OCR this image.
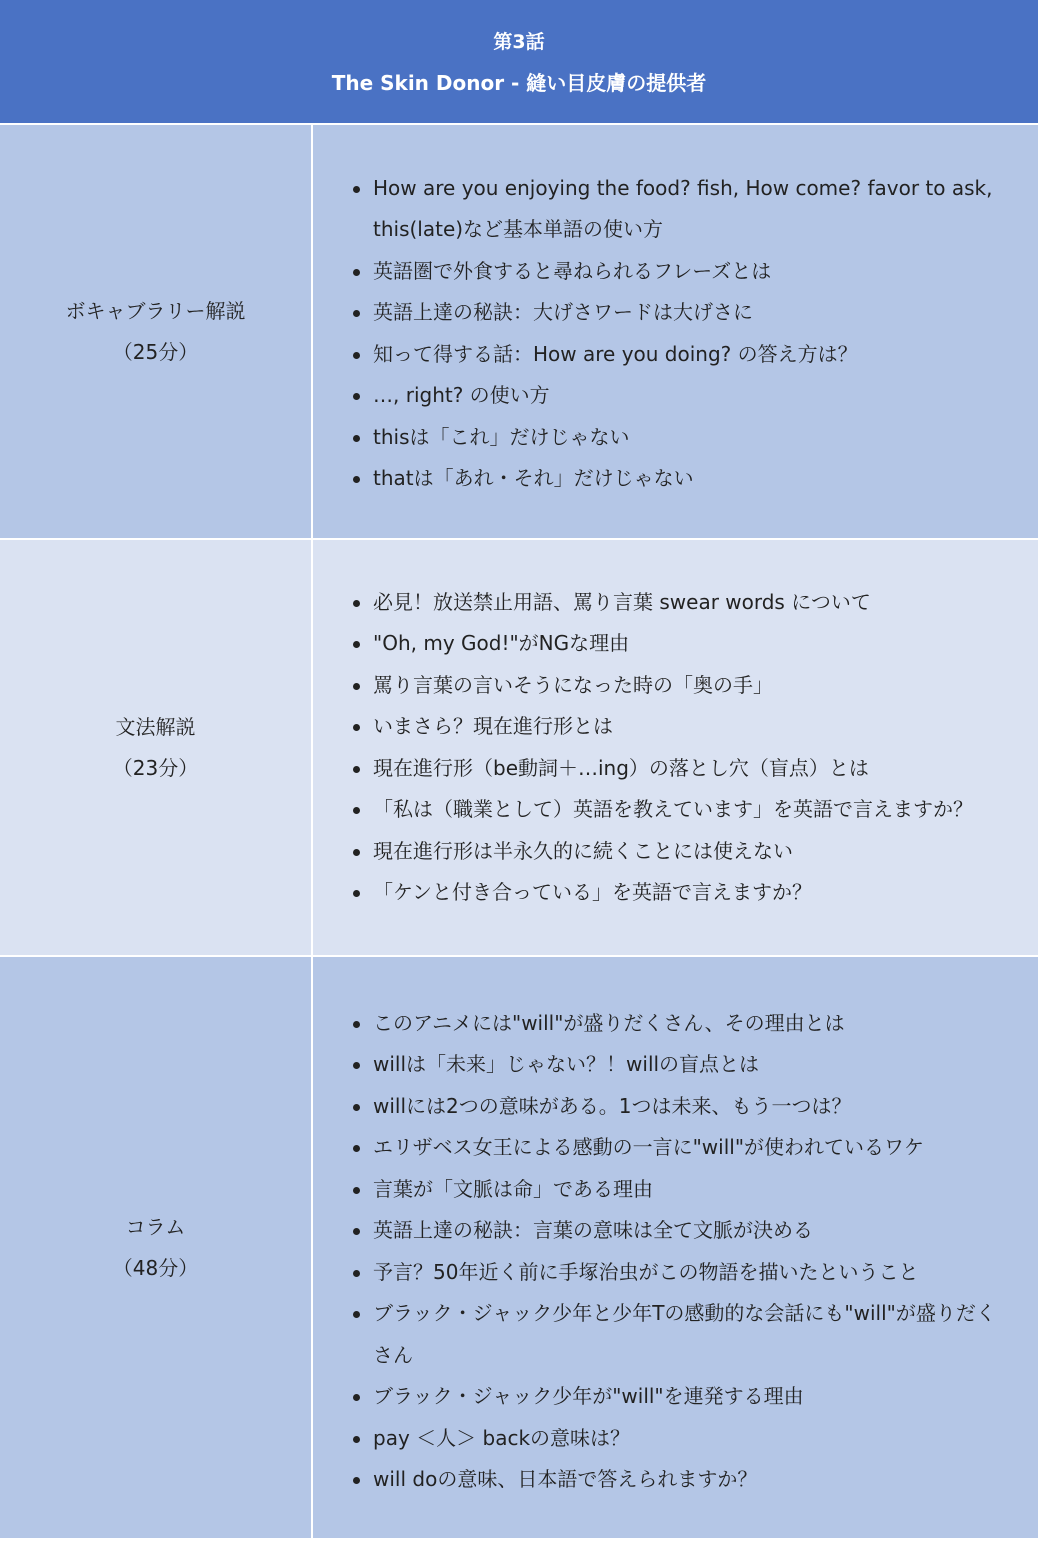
第3話
The Skin Donor - 縫い目皮膚の提供者
ボキャブラリー解説
（25分）
How are you enjoying the food? fish, How come? favor to ask, this(late)など基本単語の使い方
英語圏で外食すると尋ねられるフレーズとは
英語上達の秘訣：大げさワードは大げさに
知って得する話：How are you doing? の答え方は？
…, right? の使い方
thisは「これ」だけじゃない
thatは「あれ・それ」だけじゃない
文法解説
（23分）
必見！放送禁止用語、罵り言葉 swear words について
"Oh, my God!"がNGな理由
罵り言葉の言いそうになった時の「奥の手」
いまさら？現在進行形とは
現在進行形（be動詞＋…ing）の落とし穴（盲点）とは
「私は（職業として）英語を教えています」を英語で言えますか？
現在進行形は半永久的に続くことには使えない
「ケンと付き合っている」を英語で言えますか？
コラム
（48分）
このアニメには"will"が盛りだくさん、その理由とは
willは「未来」じゃない？！willの盲点とは
willには2つの意味がある。1つは未来、もう一つは？
エリザベス女王による感動の一言に"will"が使われているワケ
言葉が「文脈は命」である理由
英語上達の秘訣：言葉の意味は全て文脈が決める
予言？50年近く前に手塚治虫がこの物語を描いたということ
ブラック・ジャック少年と少年Tの感動的な会話にも"will"が盛りだくさん
ブラック・ジャック少年が"will"を連発する理由
pay ＜人＞ backの意味は？
will doの意味、日本語で答えられますか？
